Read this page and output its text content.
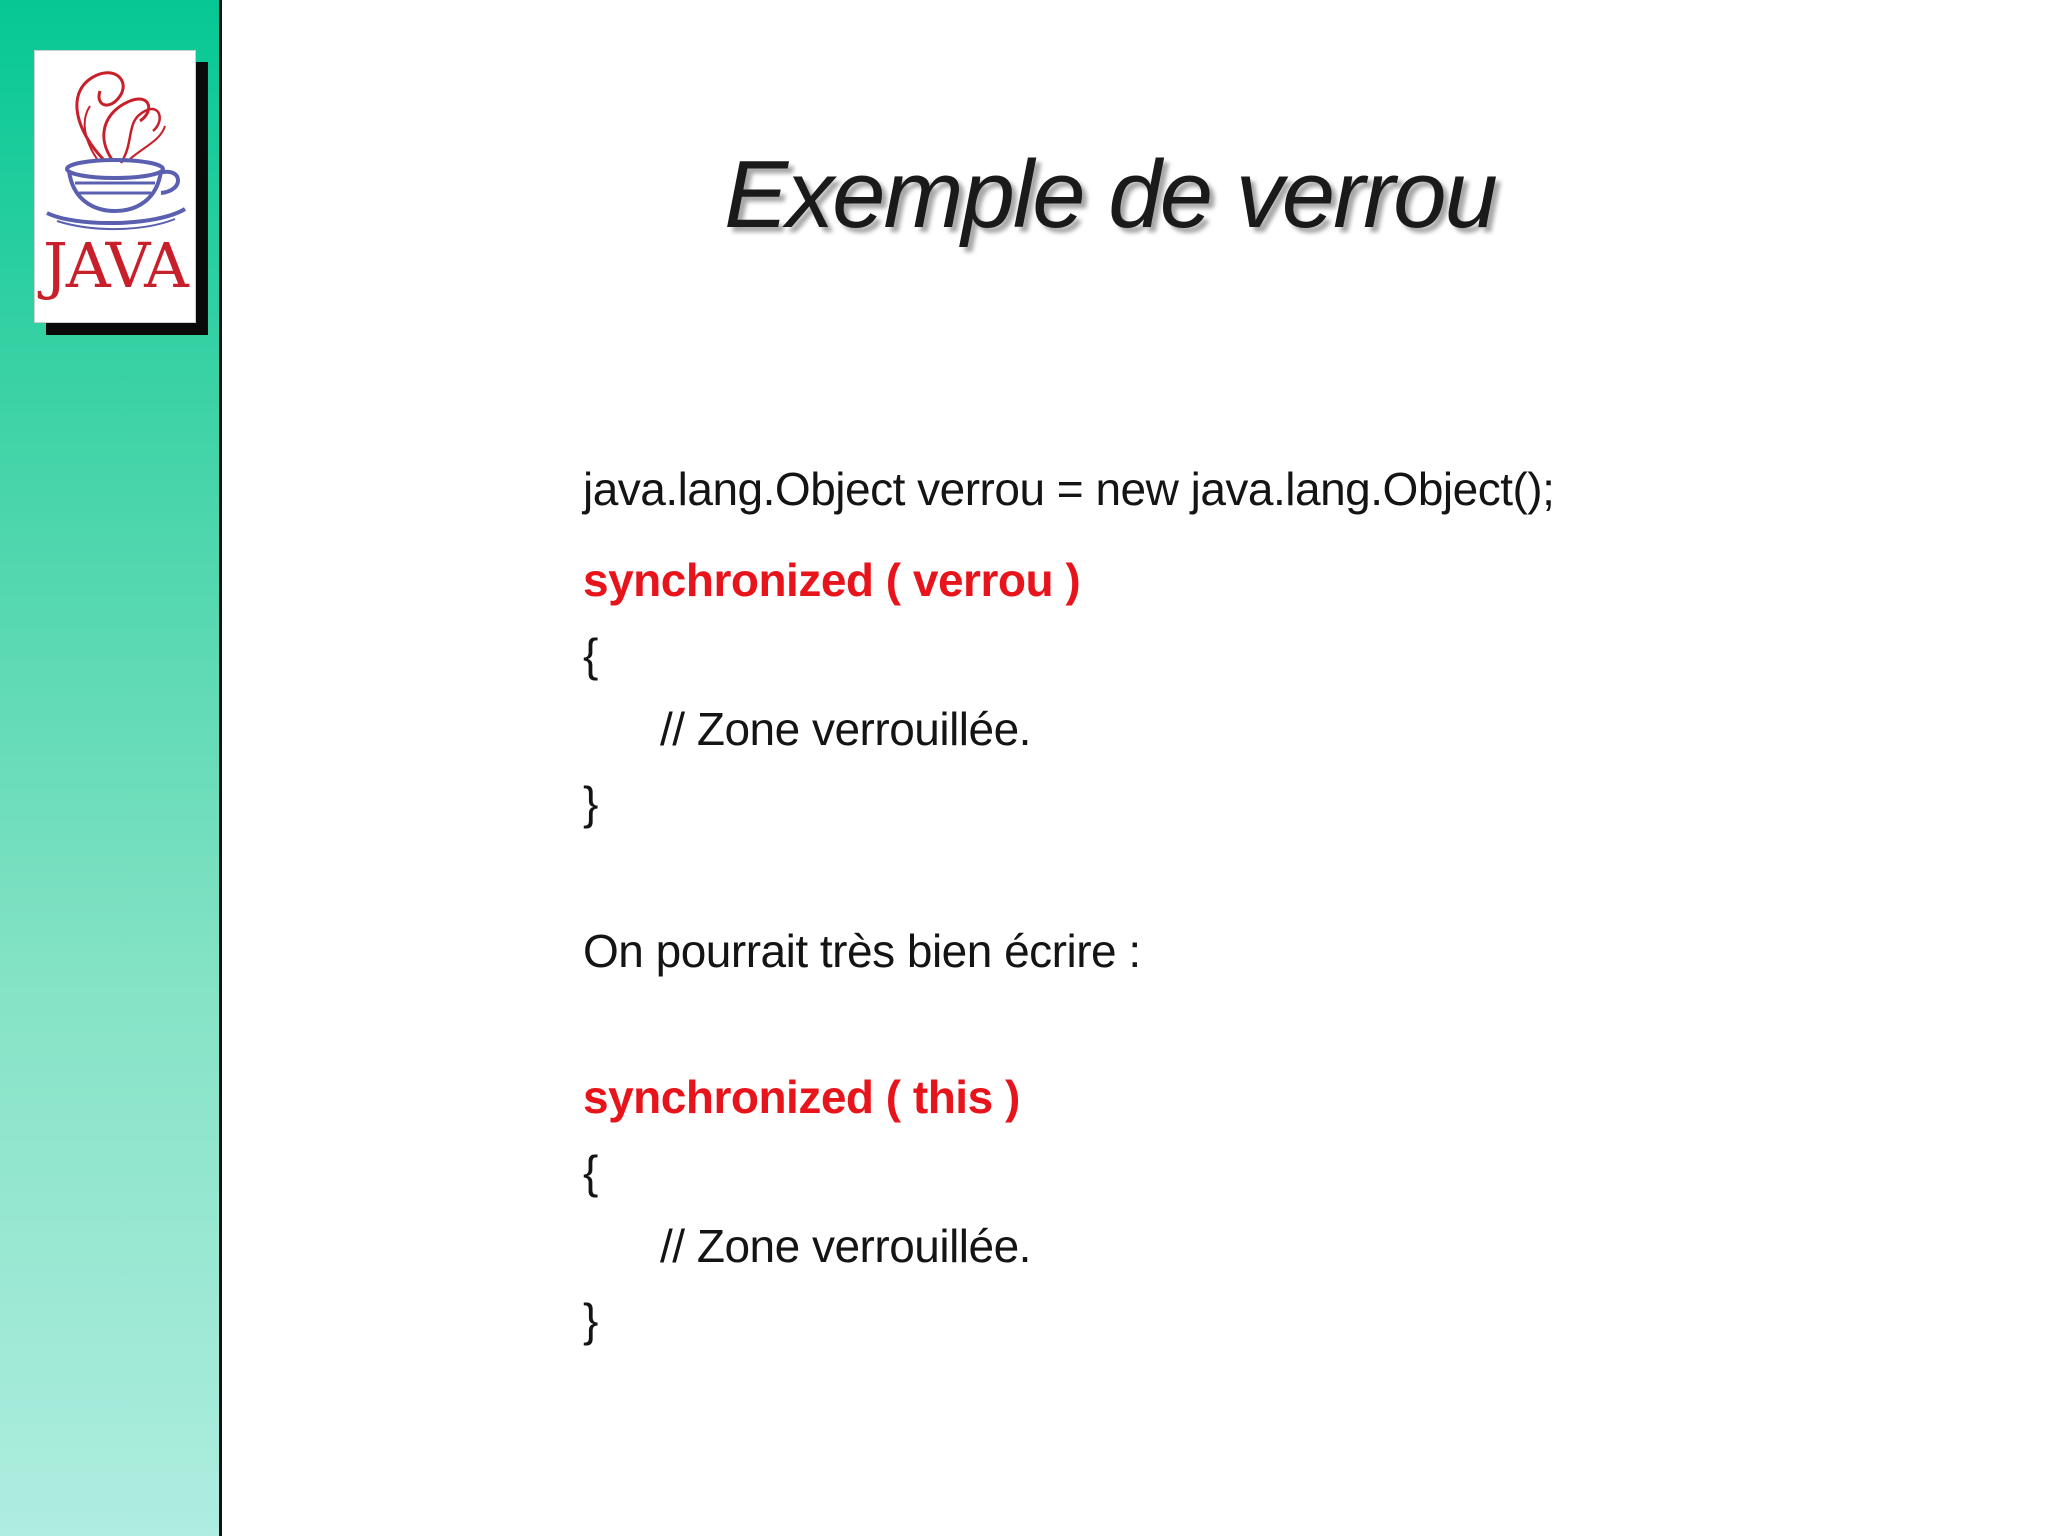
JAVA
Exemple de verrou
java.lang.Object verrou = new java.lang.Object();
synchronized ( verrou )
{
// Zone verrouillée.
}
On pourrait très bien écrire :
synchronized ( this )
{
// Zone verrouillée.
}
